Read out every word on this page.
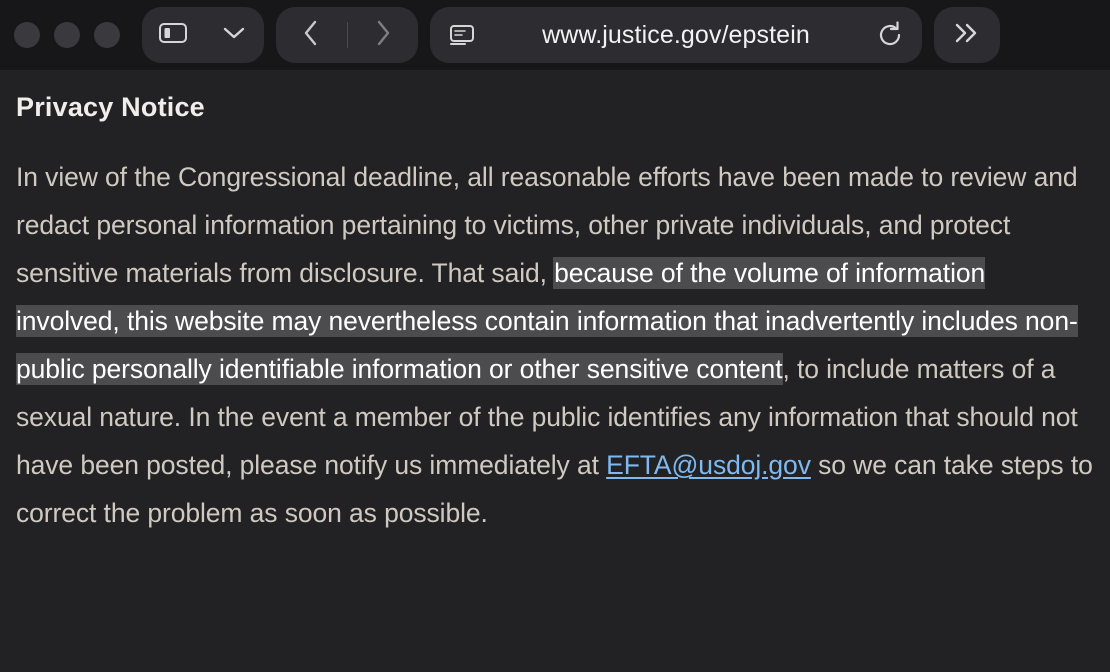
www.justice.gov/epstein
Privacy Notice
In view of the Congressional deadline, all reasonable efforts have been made to review and redact personal information pertaining to victims, other private individuals, and protect sensitive materials from disclosure. That said, because of the volume of information involved, this website may nevertheless contain information that inadvertently includes non-public personally identifiable information or other sensitive content, to include matters of a sexual nature. In the event a member of the public identifies any information that should not have been posted, please notify us immediately at EFTA@usdoj.gov so we can take steps to correct the problem as soon as possible.
